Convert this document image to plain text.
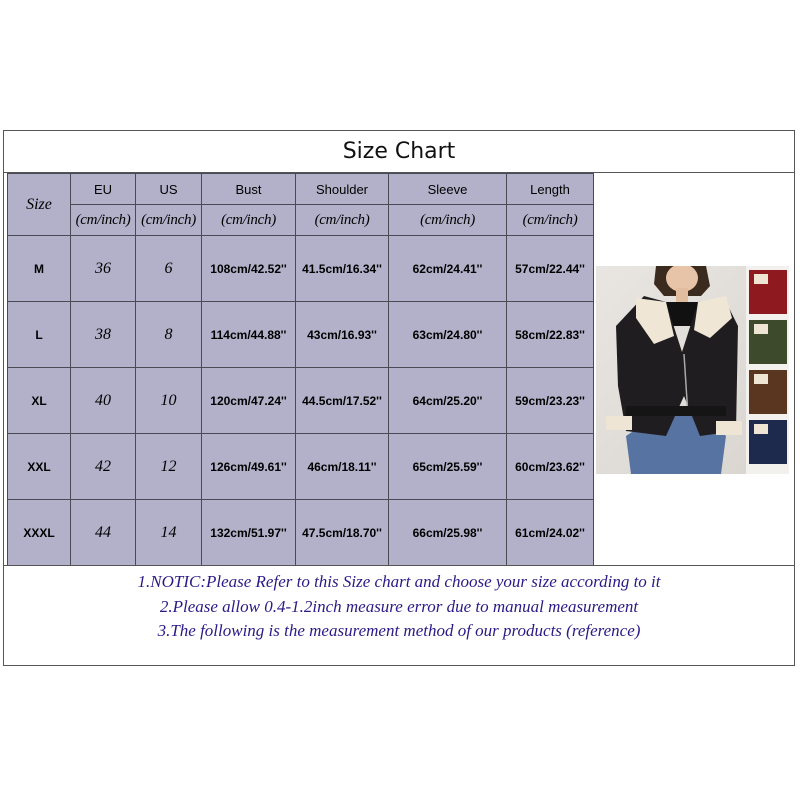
Size Chart
Size	EU	US	Bust	Shoulder	Sleeve	Length
	(cm/inch)	(cm/inch)	(cm/inch)	(cm/inch)	(cm/inch)	(cm/inch)
M	36	6	108cm/42.52''	41.5cm/16.34''	62cm/24.41''	57cm/22.44''
L	38	8	114cm/44.88''	43cm/16.93''	63cm/24.80''	58cm/22.83''
XL	40	10	120cm/47.24''	44.5cm/17.52''	64cm/25.20''	59cm/23.23''
XXL	42	12	126cm/49.61''	46cm/18.11''	65cm/25.59''	60cm/23.62''
XXXL	44	14	132cm/51.97''	47.5cm/18.70''	66cm/25.98''	61cm/24.02''
1.NOTIC:Please Refer to this Size chart and choose your size according to it
2.Please allow 0.4-1.2inch measure error due to manual measurement
3.The following is the measurement method of our products (reference)
